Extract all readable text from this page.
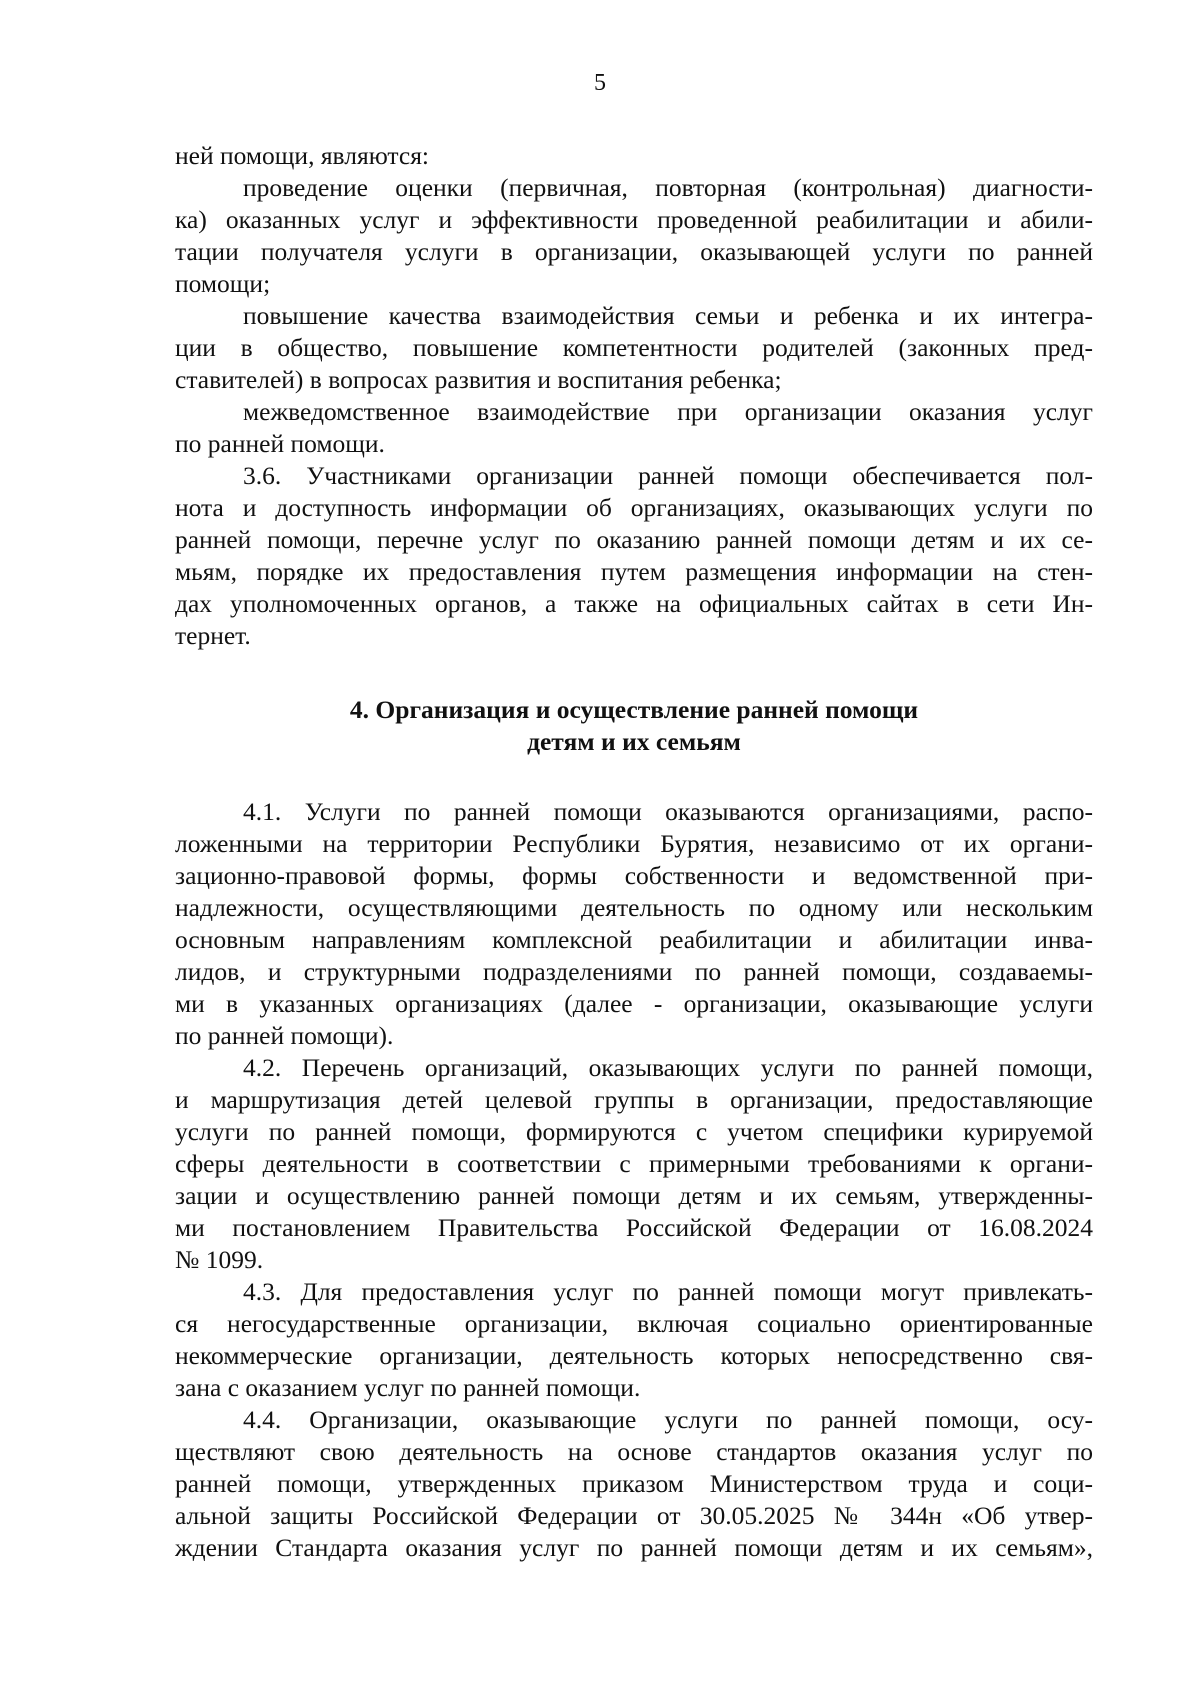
5

ней помощи, являются:

проведение оценки (первичная, повторная (контрольная) диагности-

ка) оказанных услуг и эффективности проведенной реабилитации и абили-

тации получателя услуги в организации, оказывающей услуги по ранней

помощи;

повышение качества взаимодействия семьи и ребенка и их интегра-

ции в общество, повышение компетентности родителей (законных пред-

ставителей) в вопросах развития и воспитания ребенка;

межведомственное взаимодействие при организации оказания услуг

по ранней помощи.

3.6. Участниками организации ранней помощи обеспечивается пол-

нота и доступность информации об организациях, оказывающих услуги по

ранней помощи, перечне услуг по оказанию ранней помощи детям и их се-

мьям, порядке их предоставления путем размещения информации на стен-

дах уполномоченных органов, а также на официальных сайтах в сети Ин-

тернет.

4. Организация и осуществление ранней помощи
детям и их семьям

4.1. Услуги по ранней помощи оказываются организациями, распо-

ложенными на территории Республики Бурятия, независимо от их органи-

зационно-правовой формы, формы собственности и ведомственной при-

надлежности, осуществляющими деятельность по одному или нескольким

основным направлениям комплексной реабилитации и абилитации инва-

лидов, и структурными подразделениями по ранней помощи, создаваемы-

ми в указанных организациях (далее - организации, оказывающие услуги

по ранней помощи).

4.2. Перечень организаций, оказывающих услуги по ранней помощи,

и маршрутизация детей целевой группы в организации, предоставляющие

услуги по ранней помощи, формируются с учетом специфики курируемой

сферы деятельности в соответствии с примерными требованиями к органи-

зации и осуществлению ранней помощи детям и их семьям, утвержденны-

ми постановлением Правительства Российской Федерации от 16.08.2024

№ 1099.

4.3. Для предоставления услуг по ранней помощи могут привлекать-

ся негосударственные организации, включая социально ориентированные

некоммерческие организации, деятельность которых непосредственно свя-

зана с оказанием услуг по ранней помощи.

4.4. Организации, оказывающие услуги по ранней помощи, осу-

ществляют свою деятельность на основе стандартов оказания услуг по

ранней помощи, утвержденных приказом Министерством труда и соци-

альной защиты Российской Федерации от 30.05.2025 № 344н «Об утвер-

ждении Стандарта оказания услуг по ранней помощи детям и их семьям»,
